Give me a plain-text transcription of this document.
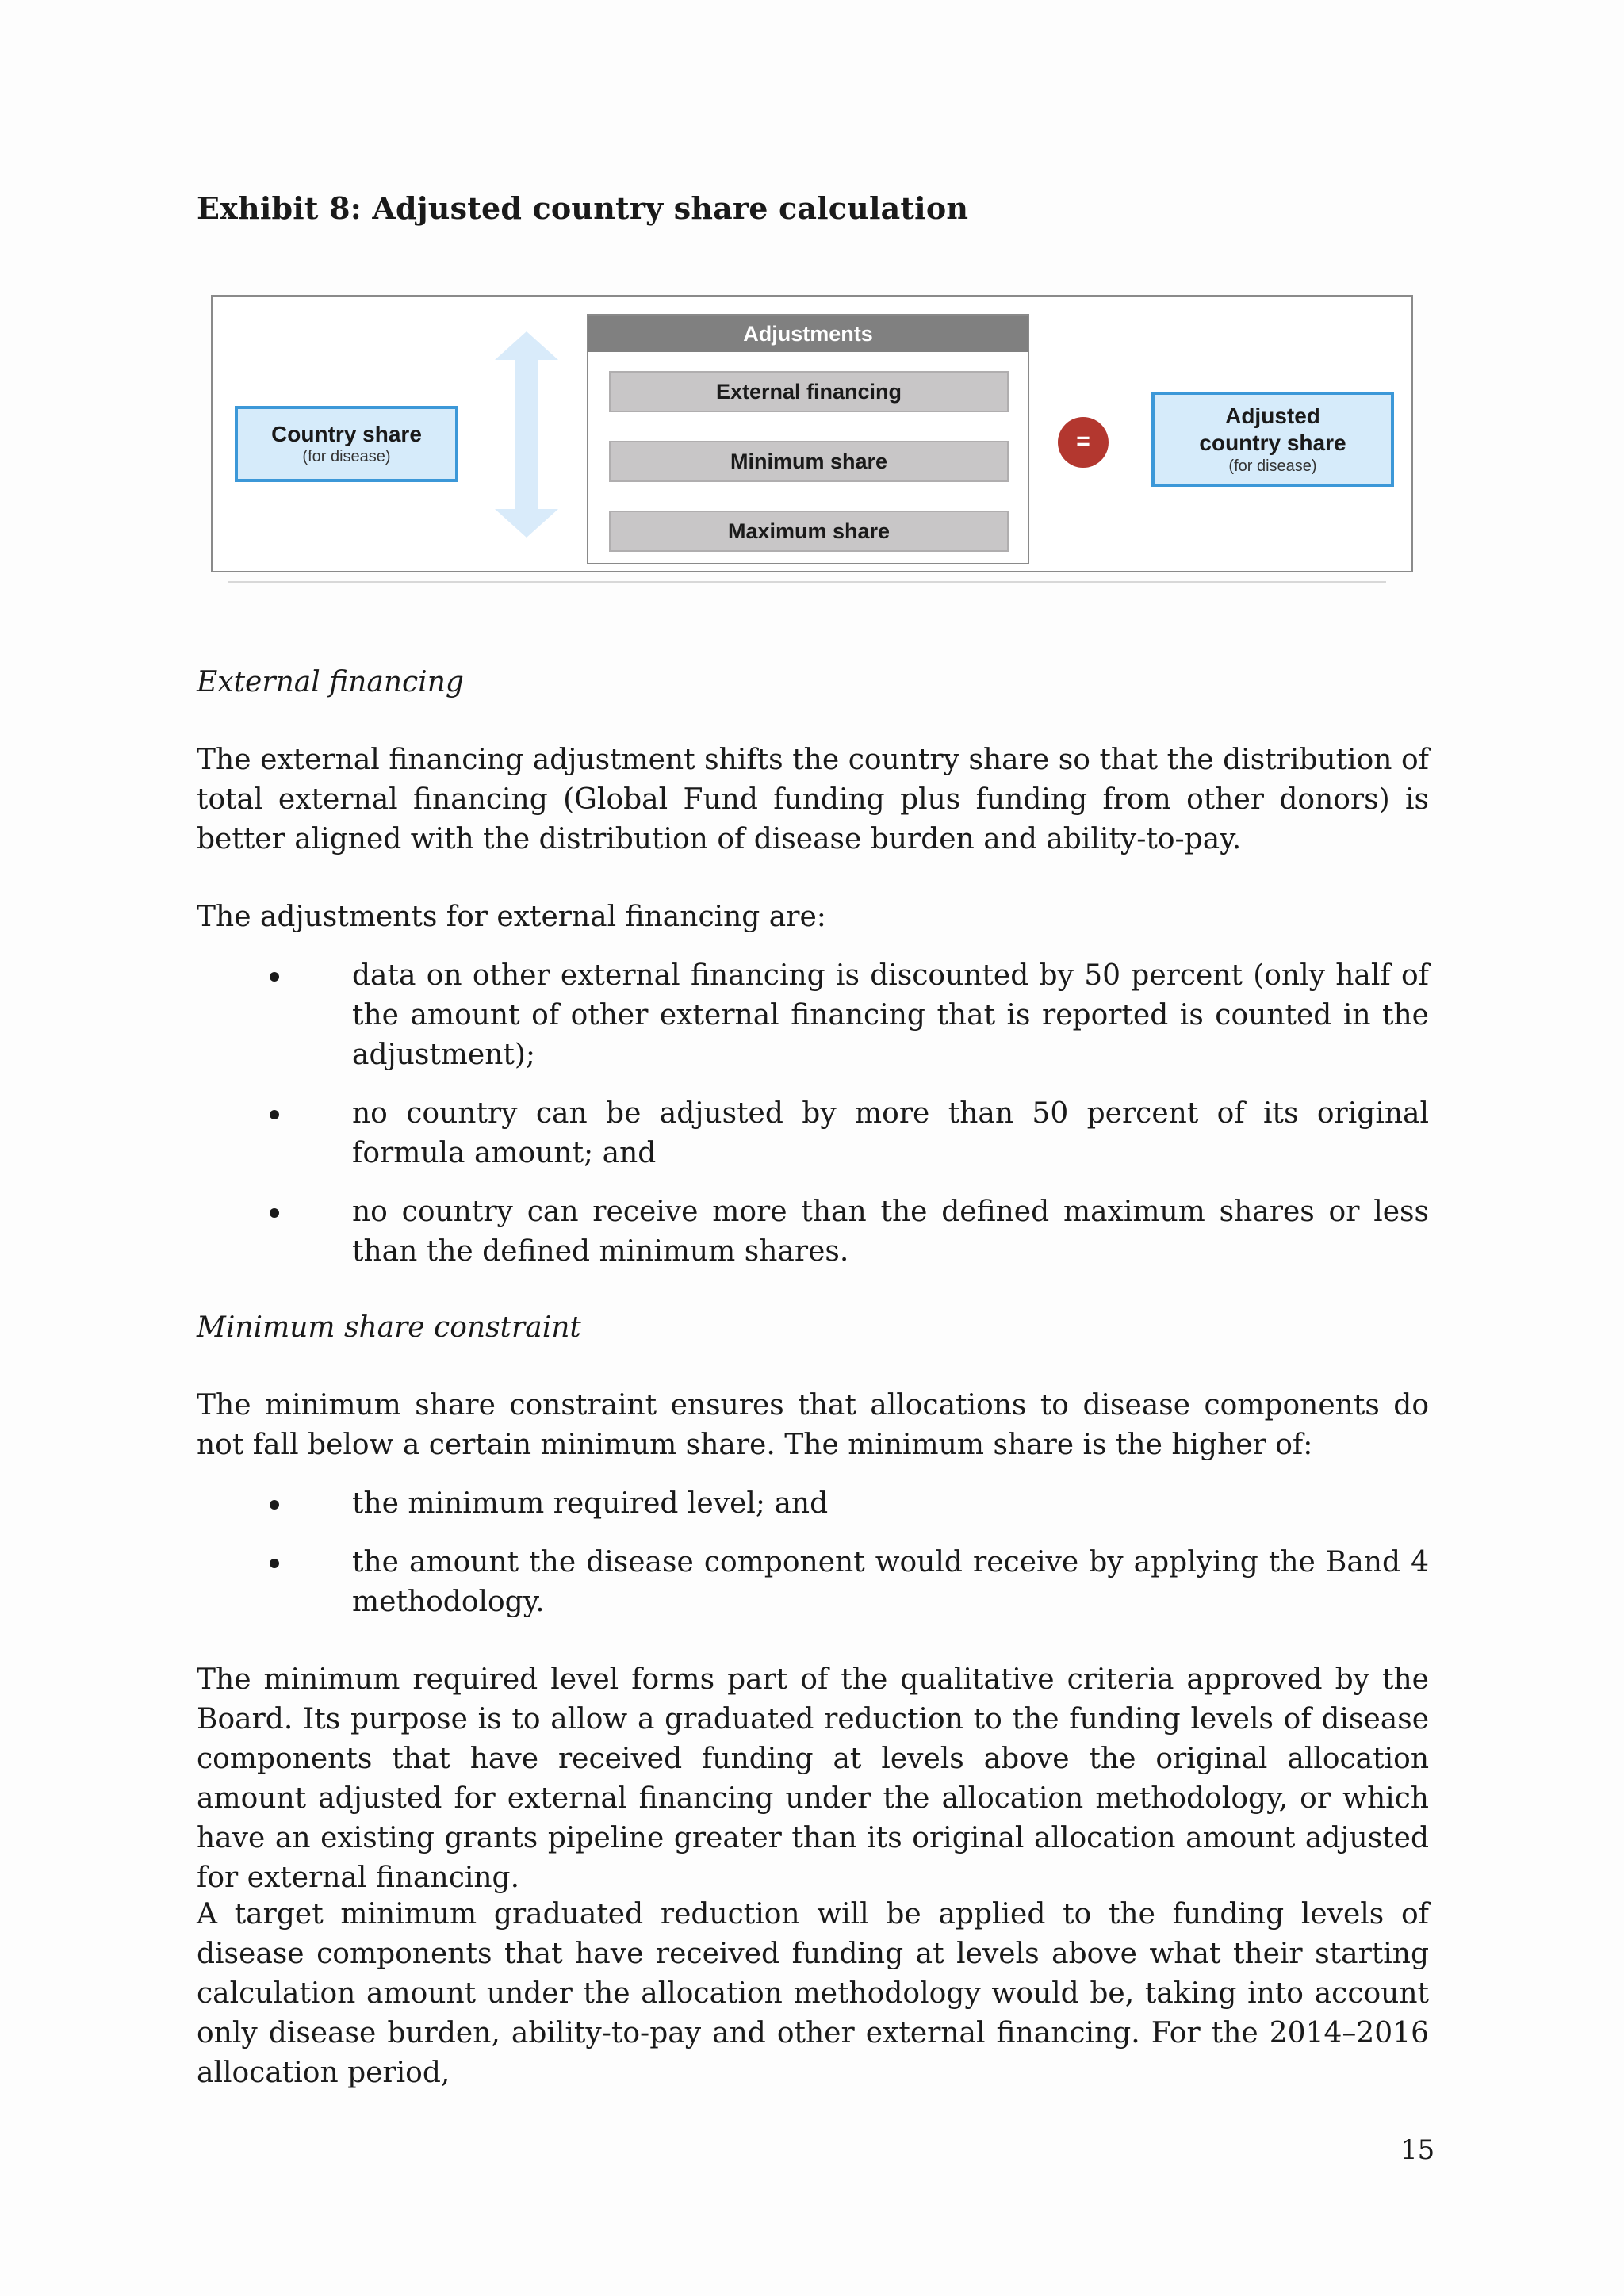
Exhibit 8: Adjusted country share calculation
Country share
(for disease)
Adjustments
External financing
Minimum share
Maximum share
=
Adjusted
country share
(for disease)
External financing
The external financing adjustment shifts the country share so that the distribution of total external financing (Global Fund funding plus funding from other donors) is better aligned with the distribution of disease burden and ability-to-pay.
The adjustments for external financing are:
data on other external financing is discounted by 50 percent (only half of the amount of other external financing that is reported is counted in the adjustment);
no country can be adjusted by more than 50 percent of its original formula amount; and
no country can receive more than the defined maximum shares or less than the defined minimum shares.
Minimum share constraint
The minimum share constraint ensures that allocations to disease components do not fall below a certain minimum share. The minimum share is the higher of:
the minimum required level; and
the amount the disease component would receive by applying the Band 4 methodology.
The minimum required level forms part of the qualitative criteria approved by the Board. Its purpose is to allow a graduated reduction to the funding levels of disease components that have received funding at levels above the original allocation amount adjusted for external financing under the allocation methodology, or which have an existing grants pipeline greater than its original allocation amount adjusted for external financing.
A target minimum graduated reduction will be applied to the funding levels of disease components that have received funding at levels above what their starting calculation amount under the allocation methodology would be, taking into account only disease burden, ability-to-pay and other external financing. For the 2014–2016 allocation period,
15
